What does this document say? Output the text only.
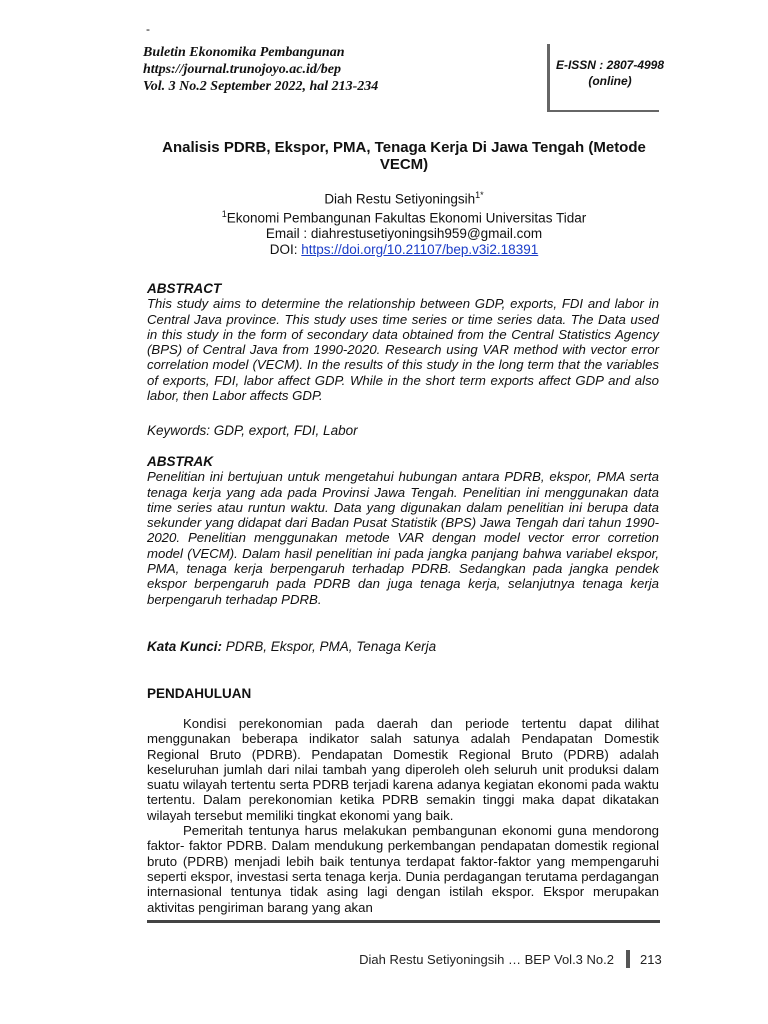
-
Buletin Ekonomika Pembangunan
https://journal.trunojoyo.ac.id/bep
Vol. 3 No.2 September 2022, hal 213-234
E-ISSN : 2807-4998
(online)
Analisis PDRB, Ekspor, PMA, Tenaga Kerja Di Jawa Tengah (Metode VECM)
Diah Restu Setiyoningsih$^{1*}$
$^1$Ekonomi Pembangunan Fakultas Ekonomi Universitas Tidar
Email : diahrestusetiyoningsih959@gmail.com
DOI: https://doi.org/10.21107/bep.v3i2.18391
ABSTRACT
This study aims to determine the relationship between GDP, exports, FDI and labor in Central Java province. This study uses time series or time series data. The Data used in this study in the form of secondary data obtained from the Central Statistics Agency (BPS) of Central Java from 1990-2020. Research using VAR method with vector error correlation model (VECM). In the results of this study in the long term that the variables of exports, FDI, labor affect GDP. While in the short term exports affect GDP and also labor, then Labor affects GDP.
Keywords: GDP, export, FDI, Labor
ABSTRAK
Penelitian ini bertujuan untuk mengetahui hubungan antara PDRB, ekspor, PMA serta tenaga kerja yang ada pada Provinsi Jawa Tengah. Penelitian ini menggunakan data time series atau runtun waktu. Data yang digunakan dalam penelitian ini berupa data sekunder yang didapat dari Badan Pusat Statistik (BPS) Jawa Tengah dari tahun 1990-2020. Penelitian menggunakan metode VAR dengan model vector error corretion model (VECM). Dalam hasil penelitian ini pada jangka panjang bahwa variabel ekspor, PMA, tenaga kerja berpengaruh terhadap PDRB. Sedangkan pada jangka pendek ekspor berpengaruh pada PDRB dan juga tenaga kerja, selanjutnya tenaga kerja berpengaruh terhadap PDRB.
Kata Kunci: PDRB, Ekspor, PMA, Tenaga Kerja
PENDAHULUAN

Kondisi perekonomian pada daerah dan periode tertentu dapat dilihat menggunakan beberapa indikator salah satunya adalah Pendapatan Domestik Regional Bruto (PDRB). Pendapatan Domestik Regional Bruto (PDRB) adalah keseluruhan jumlah dari nilai tambah yang diperoleh oleh seluruh unit produksi dalam suatu wilayah tertentu serta PDRB terjadi karena adanya kegiatan ekonomi pada waktu tertentu. Dalam perekonomian ketika PDRB semakin tinggi maka dapat dikatakan wilayah tersebut memiliki tingkat ekonomi yang baik.

Pemeritah tentunya harus melakukan pembangunan ekonomi guna mendorong faktor- faktor PDRB. Dalam mendukung perkembangan pendapatan domestik regional bruto (PDRB) menjadi lebih baik tentunya terdapat faktor-faktor yang mempengaruhi seperti ekspor, investasi serta tenaga kerja. Dunia perdagangan terutama perdagangan internasional tentunya tidak asing lagi dengan istilah ekspor. Ekspor merupakan aktivitas pengiriman barang yang akan

Diah Restu Setiyoningsih … BEP Vol.3 No.2 213
